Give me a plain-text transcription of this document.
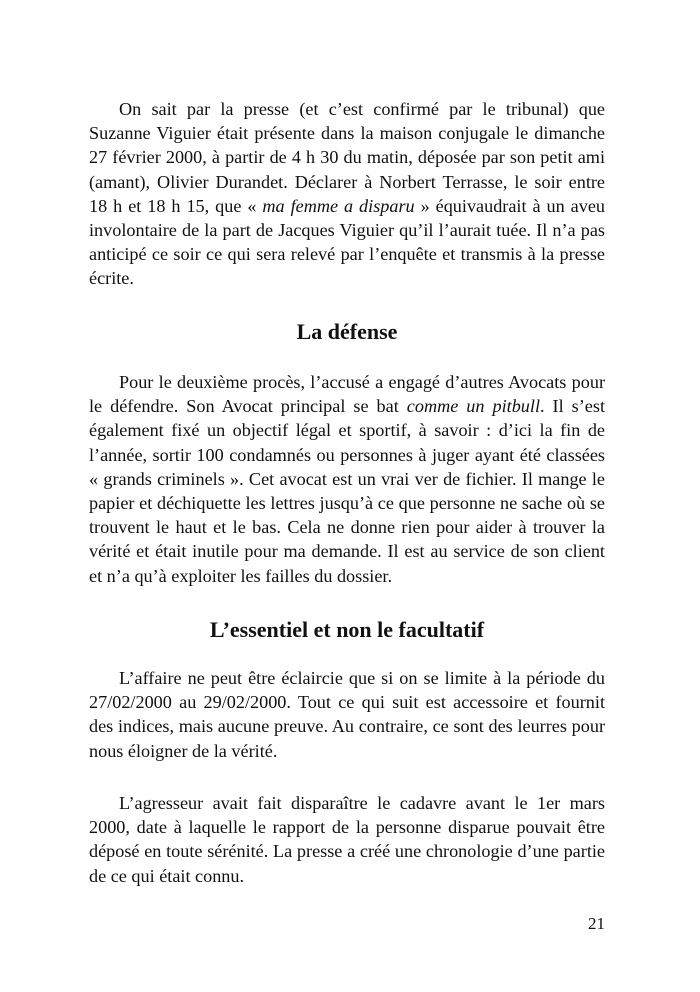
On sait par la presse (et c’est confirmé par le tribunal) que Suzanne Viguier était présente dans la maison conjugale le dimanche 27 février 2000, à partir de 4 h 30 du matin, déposée par son petit ami (amant), Olivier Durandet. Déclarer à Norbert Terrasse, le soir entre 18 h et 18 h 15, que « ma femme a disparu » équivaudrait à un aveu involontaire de la part de Jacques Viguier qu’il l’aurait tuée. Il n’a pas anticipé ce soir ce qui sera relevé par l’enquête et transmis à la presse écrite.

La défense

Pour le deuxième procès, l’accusé a engagé d’autres Avocats pour le défendre. Son Avocat principal se bat comme un pitbull. Il s’est également fixé un objectif légal et sportif, à savoir : d’ici la fin de l’année, sortir 100 condamnés ou personnes à juger ayant été classées « grands criminels ». Cet avocat est un vrai ver de fichier. Il mange le papier et déchiquette les lettres jusqu’à ce que personne ne sache où se trouvent le haut et le bas. Cela ne donne rien pour aider à trouver la vérité et était inutile pour ma demande. Il est au service de son client et n’a qu’à exploiter les failles du dossier.

L’essentiel et non le facultatif

L’affaire ne peut être éclaircie que si on se limite à la période du 27/02/2000 au 29/02/2000. Tout ce qui suit est accessoire et fournit des indices, mais aucune preuve. Au contraire, ce sont des leurres pour nous éloigner de la vérité.

L’agresseur avait fait disparaître le cadavre avant le 1er mars 2000, date à laquelle le rapport de la personne disparue pouvait être déposé en toute sérénité. La presse a créé une chronologie d’une partie de ce qui était connu.

21
